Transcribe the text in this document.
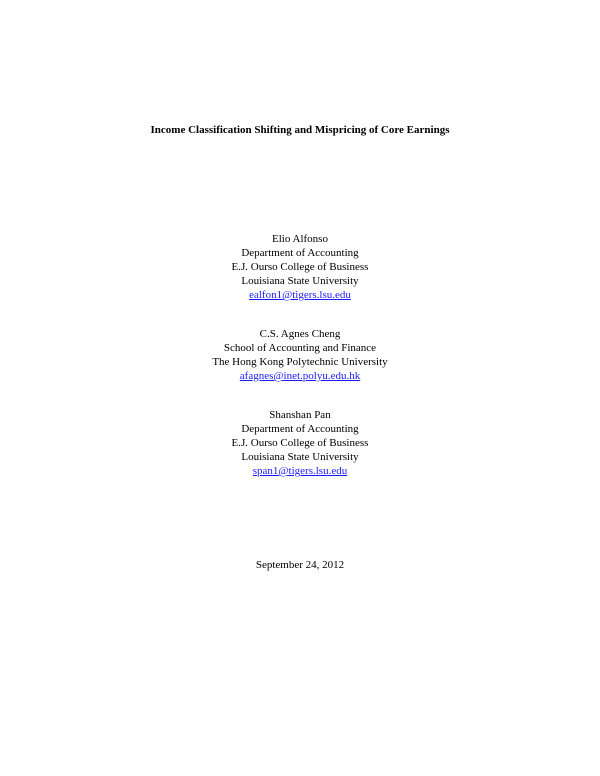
Income Classification Shifting and Mispricing of Core Earnings
Elio Alfonso
Department of Accounting
E.J. Ourso College of Business
Louisiana State University
ealfon1@tigers.lsu.edu
C.S. Agnes Cheng
School of Accounting and Finance
The Hong Kong Polytechnic University
afagnes@inet.polyu.edu.hk
Shanshan Pan
Department of Accounting
E.J. Ourso College of Business
Louisiana State University
span1@tigers.lsu.edu
September 24, 2012
